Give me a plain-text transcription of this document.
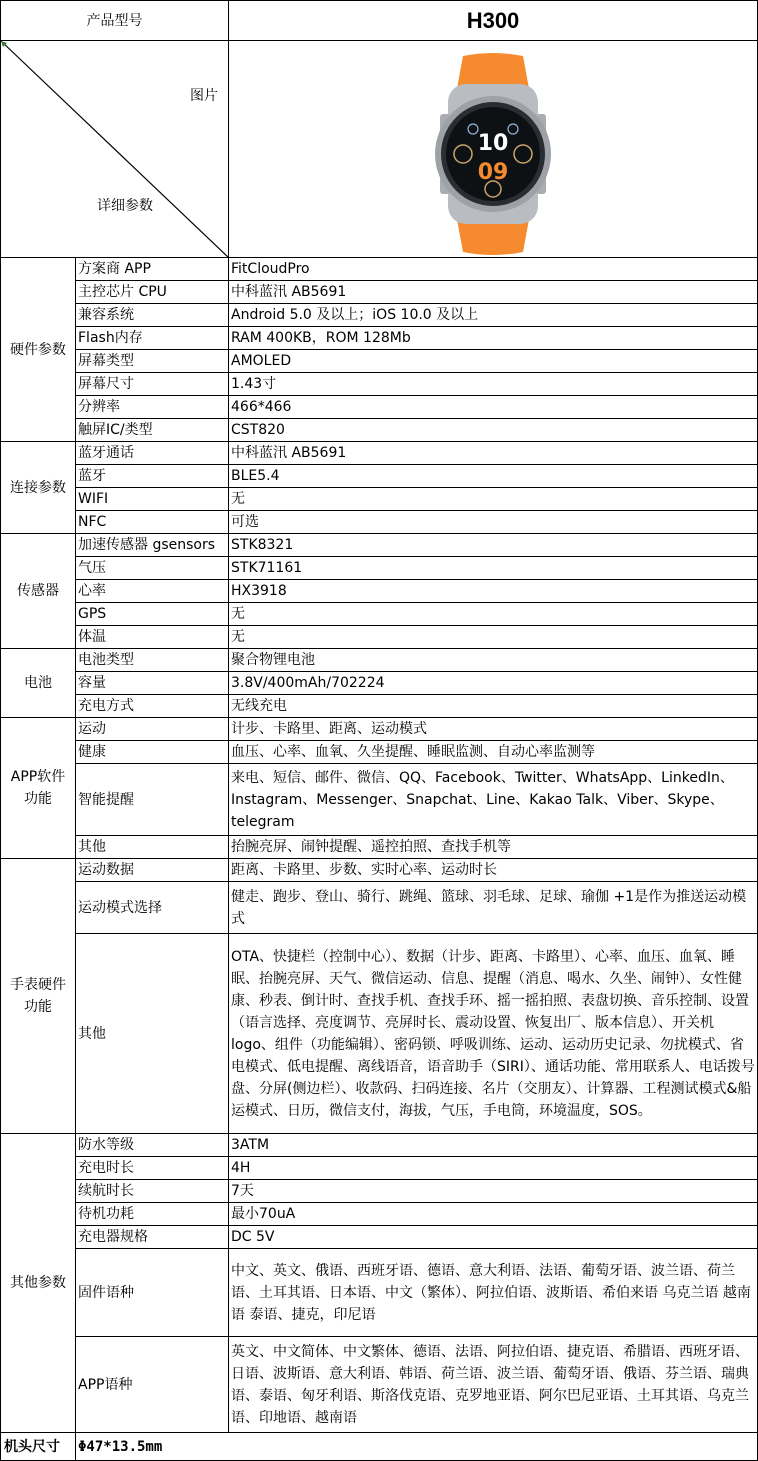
产品型号		H300

图片
详细参数		10
09

硬件参数	方案商 APP	FitCloudPro
	主控芯片 CPU	中科蓝汛 AB5691
	兼容系统	Android 5.0 及以上；iOS 10.0 及以上
	Flash内存	RAM 400KB，ROM 128Mb
	屏幕类型	AMOLED
	屏幕尺寸	1.43寸
	分辨率	466*466
	触屏IC/类型	CST820
连接参数	蓝牙通话	中科蓝汛 AB5691
	蓝牙	BLE5.4
	WIFI	无
	NFC	可选
传感器	加速传感器 gsensors	STK8321
	气压	STK71161
	心率	HX3918
	GPS	无
	体温	无
电池	电池类型	聚合物锂电池
	容量	3.8V/400mAh/702224
	充电方式	无线充电

APP软件
功能	运动	计步、卡路里、距离、运动模式
	健康	血压、心率、血氧、久坐提醒、睡眠监测、自动心率监测等
	智能提醒	来电、短信、邮件、微信、QQ、Facebook、Twitter、WhatsApp、LinkedIn、Instagram、Messenger、Snapchat、Line、Kakao Talk、Viber、Skype、telegram
	其他	抬腕亮屏、闹钟提醒、遥控拍照、查找手机等

手表硬件
功能	运动数据	距离、卡路里、步数、实时心率、运动时长
	运动模式选择	健走、跑步、登山、骑行、跳绳、篮球、羽毛球、足球、瑜伽 +1是作为推送运动模式
	其他	OTA、快捷栏（控制中心）、数据（计步、距离、卡路里）、心率、血压、血氧、睡眠、抬腕亮屏、天气、微信运动、信息、提醒（消息、喝水、久坐、闹钟）、女性健康、秒表、倒计时、查找手机、查找手环、摇一摇拍照、表盘切换、音乐控制、设置（语言选择、亮度调节、亮屏时长、震动设置、恢复出厂、版本信息）、开关机logo、组件（功能编辑）、密码锁、呼吸训练、运动、运动历史记录、勿扰模式、省电模式、低电提醒、离线语音，语音助手（SIRI）、通话功能、常用联系人、电话拨号盘、分屏(侧边栏）、收款码、扫码连接、名片（交朋友）、计算器、工程测试模式&船运模式、日历，微信支付，海拔，气压，手电筒，环境温度，SOS。
其他参数	防水等级	3ATM
	充电时长	4H
	续航时长	7天
	待机功耗	最小70uA
	充电器规格	DC 5V
	固件语种	中文、英文、俄语、西班牙语、德语、意大利语、法语、葡萄牙语、波兰语、荷兰语、土耳其语、日本语、中文（繁体）、阿拉伯语、波斯语、希伯来语 乌克兰语 越南语 泰语、捷克，印尼语
	APP语种	英文、中文简体、中文繁体、德语、法语、阿拉伯语、捷克语、希腊语、西班牙语、日语、波斯语、意大利语、韩语、荷兰语、波兰语、葡萄牙语、俄语、芬兰语、瑞典语、泰语、匈牙利语、斯洛伐克语、克罗地亚语、阿尔巴尼亚语、土耳其语、乌克兰语、印地语、越南语
机头尺寸	Φ47*13.5mm	
